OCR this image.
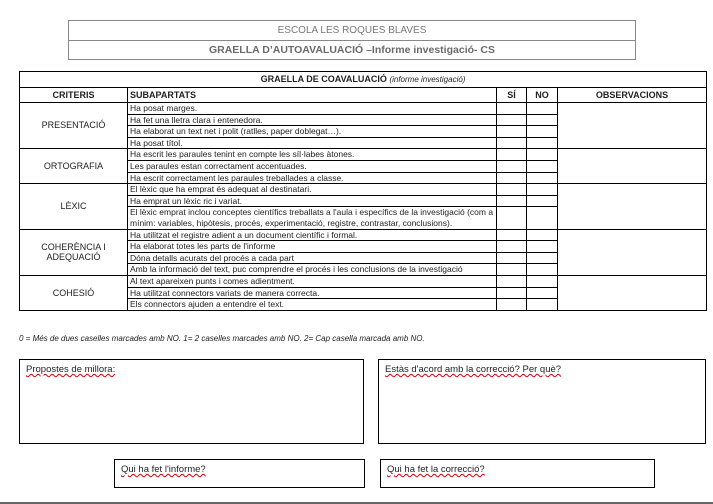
ESCOLA LES ROQUES BLAVES
GRAELLA D’AUTOAVALUACIÓ –Informe investigació- CS
GRAELLA DE COAVALUACIÓ (informe investigació)				
CRITERIS	SUBAPARTATS	SÍ	NO	OBSERVACIONS
PRESENTACIÓ	Ha posat marges.			
	Ha fet una lletra clara i entenedora.			
	Ha elaborat un text net i polit (ratlles, paper doblegat…).			
	Ha posat títol.			
ORTOGRAFIA	Ha escrit les paraules tenint en compte les síl·labes àtones.			
	Les paraules estan correctament accentuades.			
	Ha escrit correctament les paraules treballades a classe.			
LÈXIC	El lèxic que ha emprat és adequat al destinatari.			
	Ha emprat un lèxic ric i variat.			
	El lèxic emprat inclou conceptes científics treballats a l'aula i específics de la investigació (com a mínim: variables, hipòtesis, procés, experimentació, registre, contrastar, conclusions).			
COHERÈNCIA I ADEQUACIÓ	Ha utilitzat el registre adient a un document científic i formal.			
	Ha elaborat totes les parts de l'informe			
	Dóna detalls acurats del procés a cada part			
	Amb la informació del text, puc comprendre el procés i les conclusions de la investigació			
COHESIÓ	Al text apareixen punts i comes adientment.			
	Ha utilitzat connectors variats de manera correcta.			
	Els connectors ajuden a entendre el text.			
0 = Més de dues caselles marcades amb NO. 1= 2 caselles marcades amb NO. 2= Cap casella marcada amb NO.
Propostes de millora:	Estàs d'acord amb la correcció? Per què?
Qui ha fet l'informe?	Qui ha fet la correcció?
